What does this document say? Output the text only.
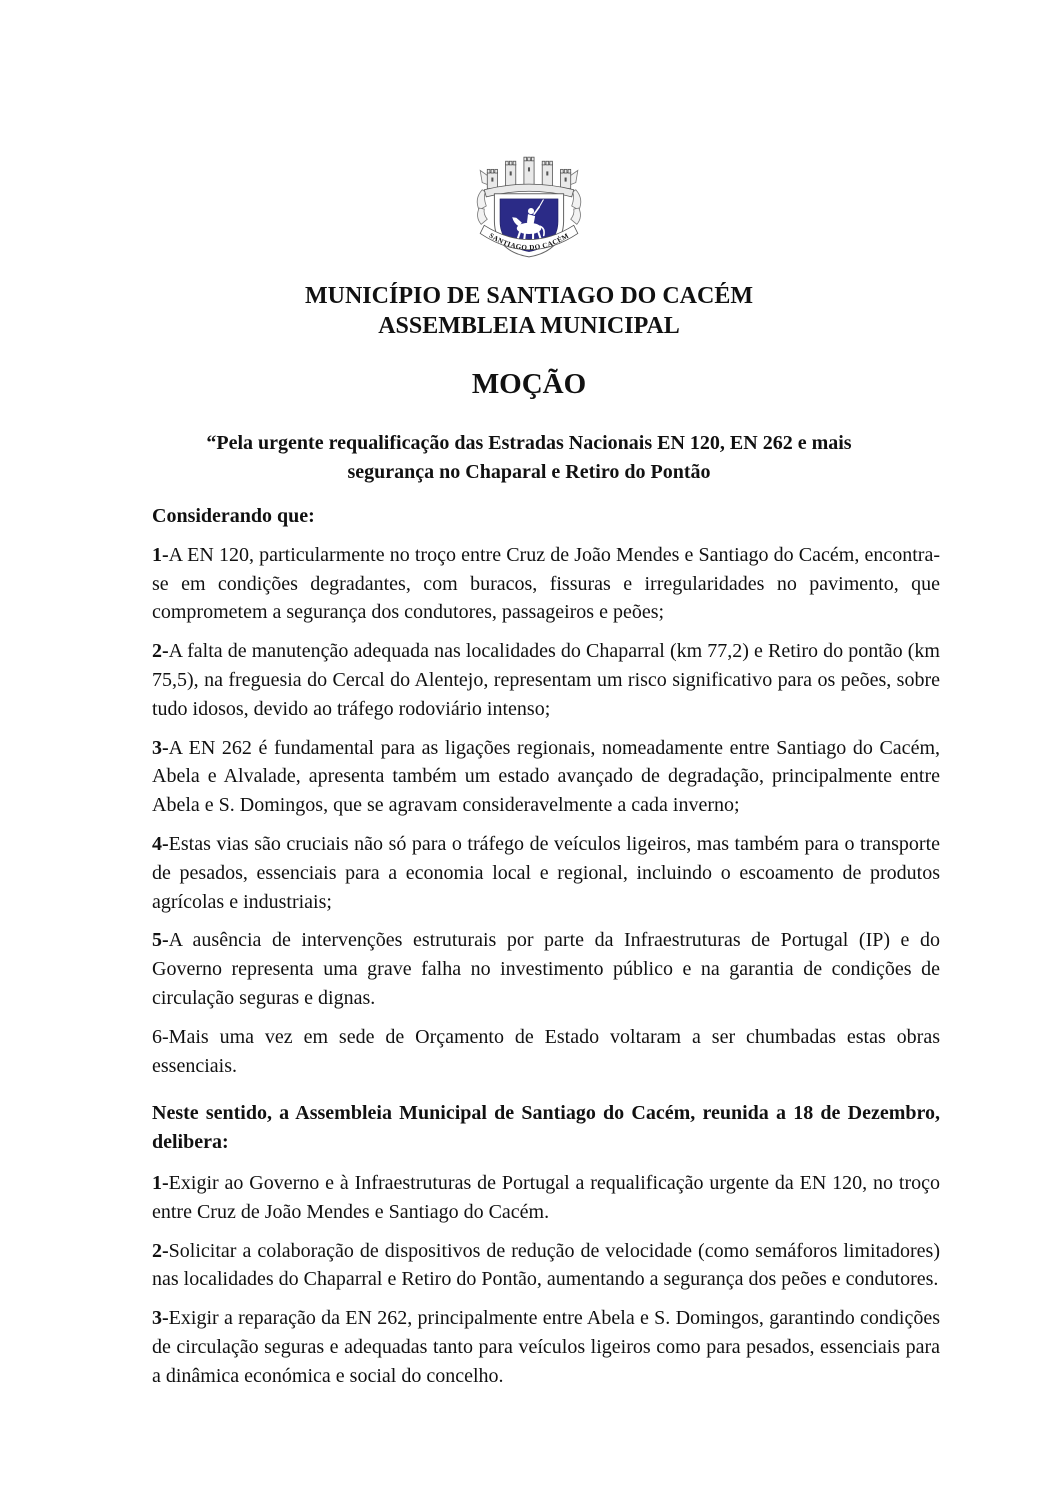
SANTIAGO DO CACÉM
MUNICÍPIO DE SANTIAGO DO CACÉM
ASSEMBLEIA MUNICIPAL
MOÇÃO
“Pela urgente requalificação das Estradas Nacionais EN 120, EN 262 e mais
segurança no Chaparal e Retiro do Pontão

Considerando que:

1-A EN 120, particularmente no troço entre Cruz de João Mendes e Santiago do Cacém, encontra-se em condições degradantes, com buracos, fissuras e irregularidades no pavimento, que comprometem a segurança dos condutores, passageiros e peões;

2-A falta de manutenção adequada nas localidades do Chaparral (km 77,2) e Retiro do pontão (km 75,5), na freguesia do Cercal do Alentejo, representam um risco significativo para os peões, sobre tudo idosos, devido ao tráfego rodoviário intenso;

3-A EN 262 é fundamental para as ligações regionais, nomeadamente entre Santiago do Cacém, Abela e Alvalade, apresenta também um estado avançado de degradação, principalmente entre Abela e S. Domingos, que se agravam consideravelmente a cada inverno;

4-Estas vias são cruciais não só para o tráfego de veículos ligeiros, mas também para o transporte de pesados, essenciais para a economia local e regional, incluindo o escoamento de produtos agrícolas e industriais;

5-A ausência de intervenções estruturais por parte da Infraestruturas de Portugal (IP) e do Governo representa uma grave falha no investimento público e na garantia de condições de circulação seguras e dignas.

6-Mais uma vez em sede de Orçamento de Estado voltaram a ser chumbadas estas obras essenciais.

Neste sentido, a Assembleia Municipal de Santiago do Cacém, reunida a 18 de Dezembro, delibera:

1-Exigir ao Governo e à Infraestruturas de Portugal a requalificação urgente da EN 120, no troço entre Cruz de João Mendes e Santiago do Cacém.

2-Solicitar a colaboração de dispositivos de redução de velocidade (como semáforos limitadores) nas localidades do Chaparral e Retiro do Pontão, aumentando a segurança dos peões e condutores.

3-Exigir a reparação da EN 262, principalmente entre Abela e S. Domingos, garantindo condições de circulação seguras e adequadas tanto para veículos ligeiros como para pesados, essenciais para a dinâmica económica e social do concelho.
